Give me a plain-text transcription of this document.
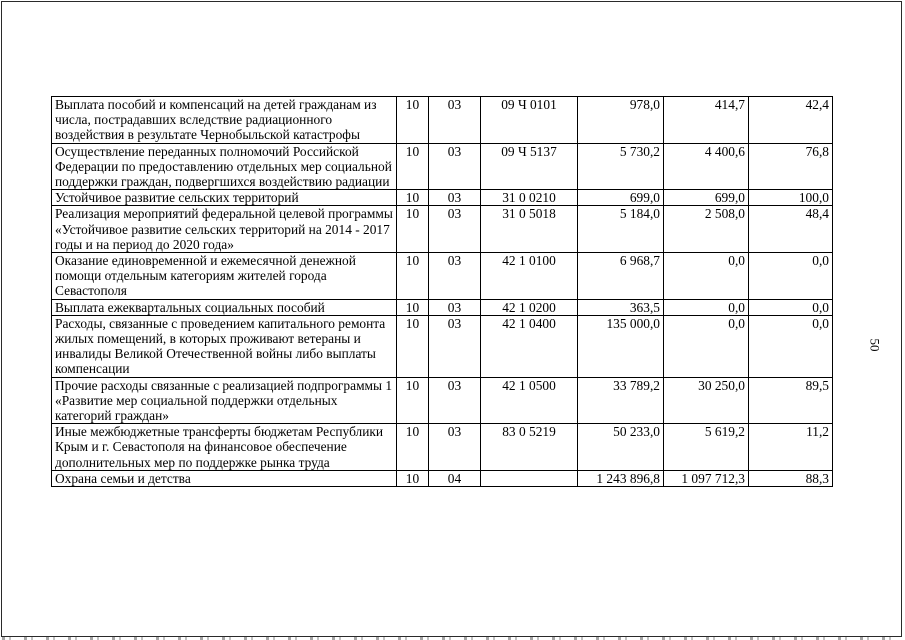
Выплата пособий и компенсаций на детей гражданам из числа, пострадавших вследствие радиационного воздействия в результате Чернобыльской катастрофы	10	03	09 Ч 0101	978,0	414,7	42,4
Осуществление переданных полномочий Российской Федерации по предоставлению отдельных мер социальной поддержки граждан, подвергшихся воздействию радиации	10	03	09 Ч 5137	5 730,2	4 400,6	76,8
Устойчивое развитие сельских территорий	10	03	31 0 0210	699,0	699,0	100,0
Реализация мероприятий федеральной целевой программы «Устойчивое развитие сельских территорий на 2014 - 2017 годы и на период до 2020 года»	10	03	31 0 5018	5 184,0	2 508,0	48,4
Оказание единовременной и ежемесячной денежной помощи отдельным категориям жителей города Севастополя	10	03	42 1 0100	6 968,7	0,0	0,0
Выплата ежеквартальных социальных пособий	10	03	42 1 0200	363,5	0,0	0,0
Расходы, связанные с проведением капитального ремонта жилых помещений, в которых проживают ветераны и инвалиды Великой Отечественной войны либо выплаты компенсации	10	03	42 1 0400	135 000,0	0,0	0,0
Прочие расходы связанные с реализацией подпрограммы 1 «Развитие мер социальной поддержки отдельных категорий граждан»	10	03	42 1 0500	33 789,2	30 250,0	89,5
Иные межбюджетные трансферты бюджетам Республики Крым и г. Севастополя на финансовое обеспечение дополнительных мер по поддержке рынка труда	10	03	83 0 5219	50 233,0	5 619,2	11,2
Охрана семьи и детства	10	04		1 243 896,8	1 097 712,3	88,3
50
